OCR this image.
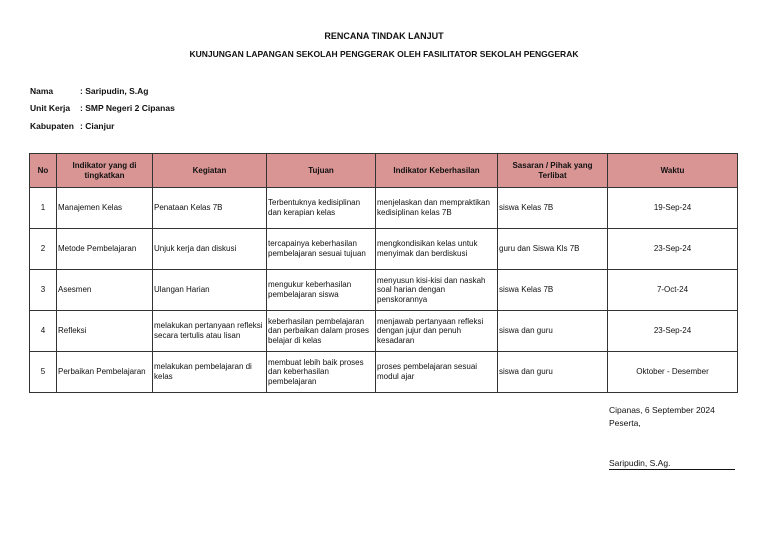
RENCANA TINDAK LANJUT
KUNJUNGAN LAPANGAN SEKOLAH PENGGERAK OLEH FASILITATOR SEKOLAH PENGGERAK
Nama	: Saripudin, S.Ag
Unit Kerja : SMP Negeri 2 Cipanas
Kabupaten : Cianjur
No	Indikator yang di tingkatkan	Kegiatan	Tujuan	Indikator Keberhasilan	Sasaran / Pihak yang Terlibat	Waktu
1	Manajemen Kelas	Penataan Kelas 7B	Terbentuknya kedisiplinan dan kerapian kelas	menjelaskan dan mempraktikan kedisiplinan kelas 7B	siswa Kelas 7B	19-Sep-24
2	Metode Pembelajaran	Unjuk kerja dan diskusi	tercapainya keberhasilan pembelajaran sesuai tujuan	mengkondisikan kelas untuk menyimak dan berdiskusi	guru dan Siswa Kls 7B	23-Sep-24
3	Asesmen	Ulangan Harian	mengukur keberhasilan pembelajaran siswa	menyusun kisi-kisi dan naskah soal harian dengan penskorannya	siswa Kelas 7B	7-Oct-24
4	Refleksi	melakukan pertanyaan refleksi secara tertulis atau lisan	keberhasilan pembelajaran dan perbaikan dalam proses belajar di kelas	menjawab pertanyaan refleksi dengan jujur dan penuh kesadaran	siswa dan guru	23-Sep-24
5	Perbaikan Pembelajaran	melakukan pembelajaran di kelas	membuat lebih baik proses dan keberhasilan pembelajaran	proses pembelajaran sesuai modul ajar	siswa dan guru	Oktober - Desember
Cipanas, 6 September 2024
Peserta,
Saripudin, S.Ag.
